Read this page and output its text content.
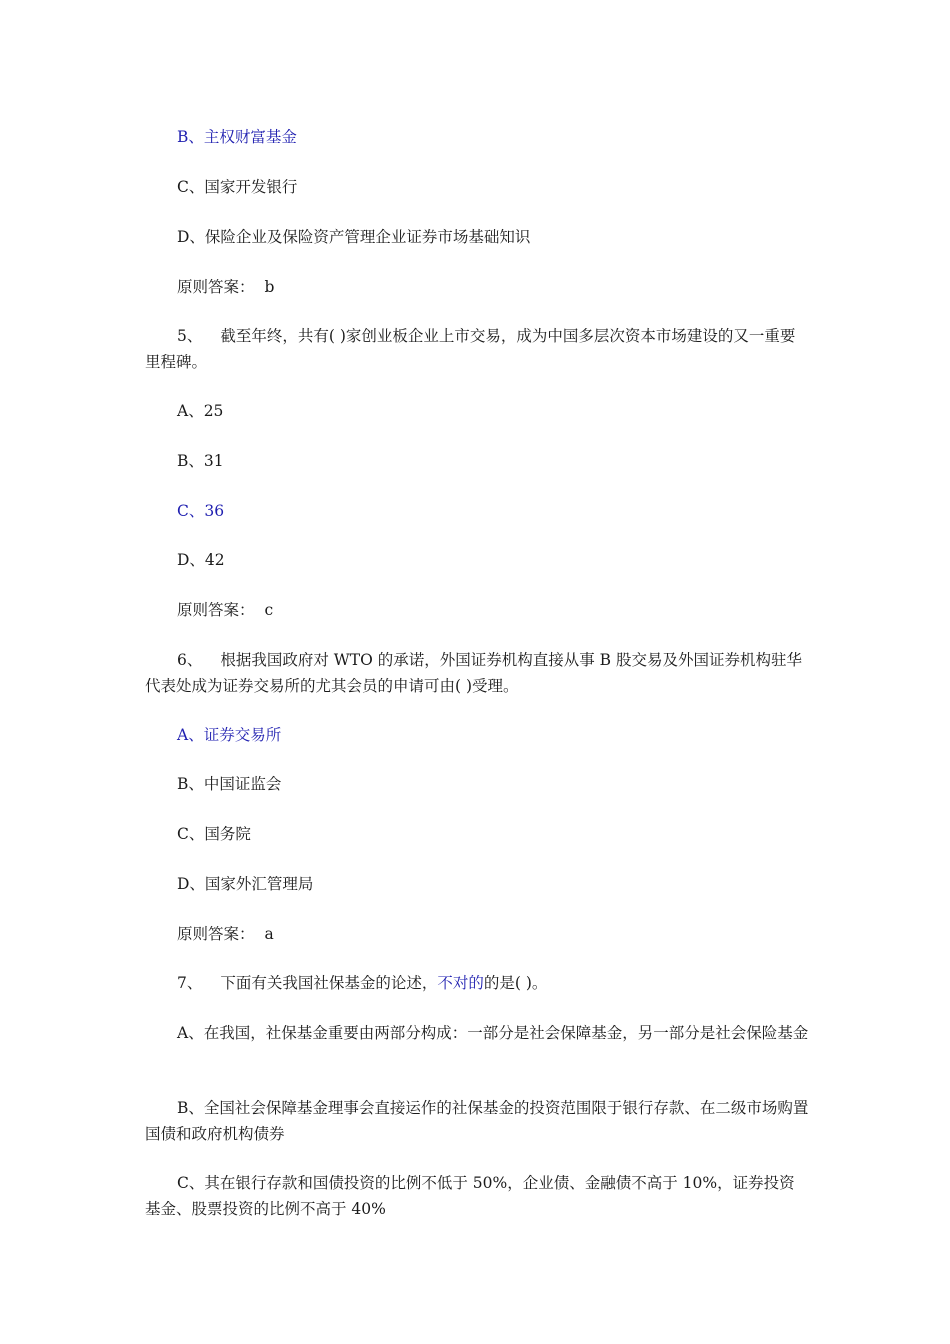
B、主权财富基金
C、国家开发银行
D、保险企业及保险资产管理企业证券市场基础知识
原则答案： b
5、 截至年终，共有( )家创业板企业上市交易，成为中国多层次资本市场建设的又一重要里程碑。
A、25
B、31
C、36
D、42
原则答案： c
6、 根据我国政府对 WTO 的承诺，外国证券机构直接从事 B 股交易及外国证券机构驻华代表处成为证券交易所的尤其会员的申请可由( )受理。
A、证券交易所
B、中国证监会
C、国务院
D、国家外汇管理局
原则答案： a
7、 下面有关我国社保基金的论述，不对的的是( )。
A、在我国，社保基金重要由两部分构成：一部分是社会保障基金，另一部分是社会保险基金
B、全国社会保障基金理事会直接运作的社保基金的投资范围限于银行存款、在二级市场购置国债和政府机构债券
C、其在银行存款和国债投资的比例不低于 50%，企业债、金融债不高于 10%，证券投资基金、股票投资的比例不高于 40%
